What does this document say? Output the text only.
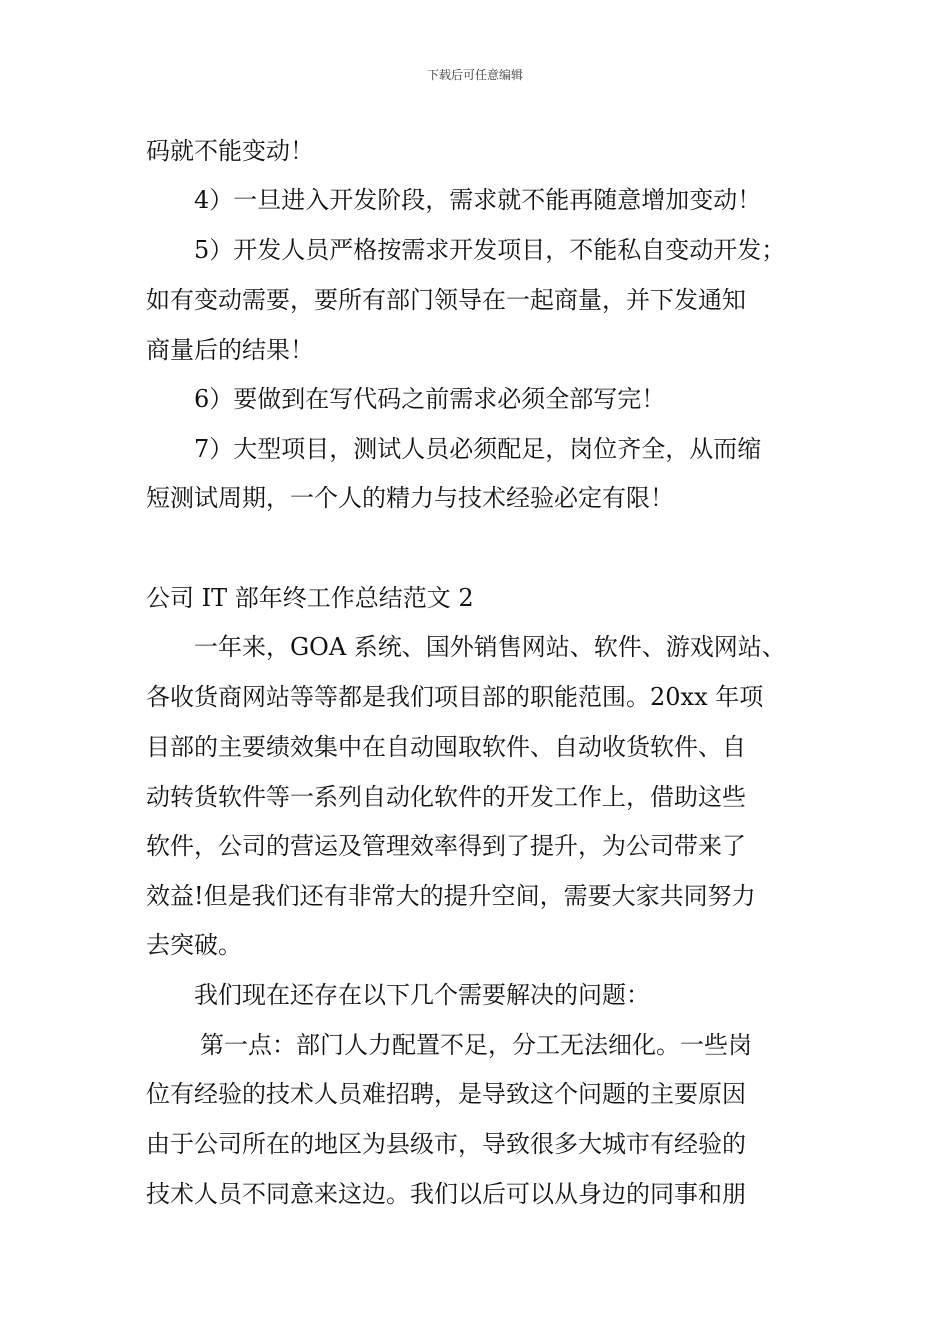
下载后可任意编辑
码就不能变动！
4）一旦进入开发阶段，需求就不能再随意增加变动！
5）开发人员严格按需求开发项目，不能私自变动开发；
如有变动需要，要所有部门领导在一起商量，并下发通知
商量后的结果！
6）要做到在写代码之前需求必须全部写完！
7）大型项目，测试人员必须配足，岗位齐全，从而缩
短测试周期，一个人的精力与技术经验必定有限！
公司 IT 部年终工作总结范文 2
一年来，GOA 系统、国外销售网站、软件、游戏网站、
各收货商网站等等都是我们项目部的职能范围。20xx 年项
目部的主要绩效集中在自动囤取软件、自动收货软件、自
动转货软件等一系列自动化软件的开发工作上，借助这些
软件，公司的营运及管理效率得到了提升，为公司带来了
效益!但是我们还有非常大的提升空间，需要大家共同努力
去突破。
我们现在还存在以下几个需要解决的问题：
第一点：部门人力配置不足，分工无法细化。一些岗
位有经验的技术人员难招聘，是导致这个问题的主要原因
由于公司所在的地区为县级市，导致很多大城市有经验的
技术人员不同意来这边。我们以后可以从身边的同事和朋
